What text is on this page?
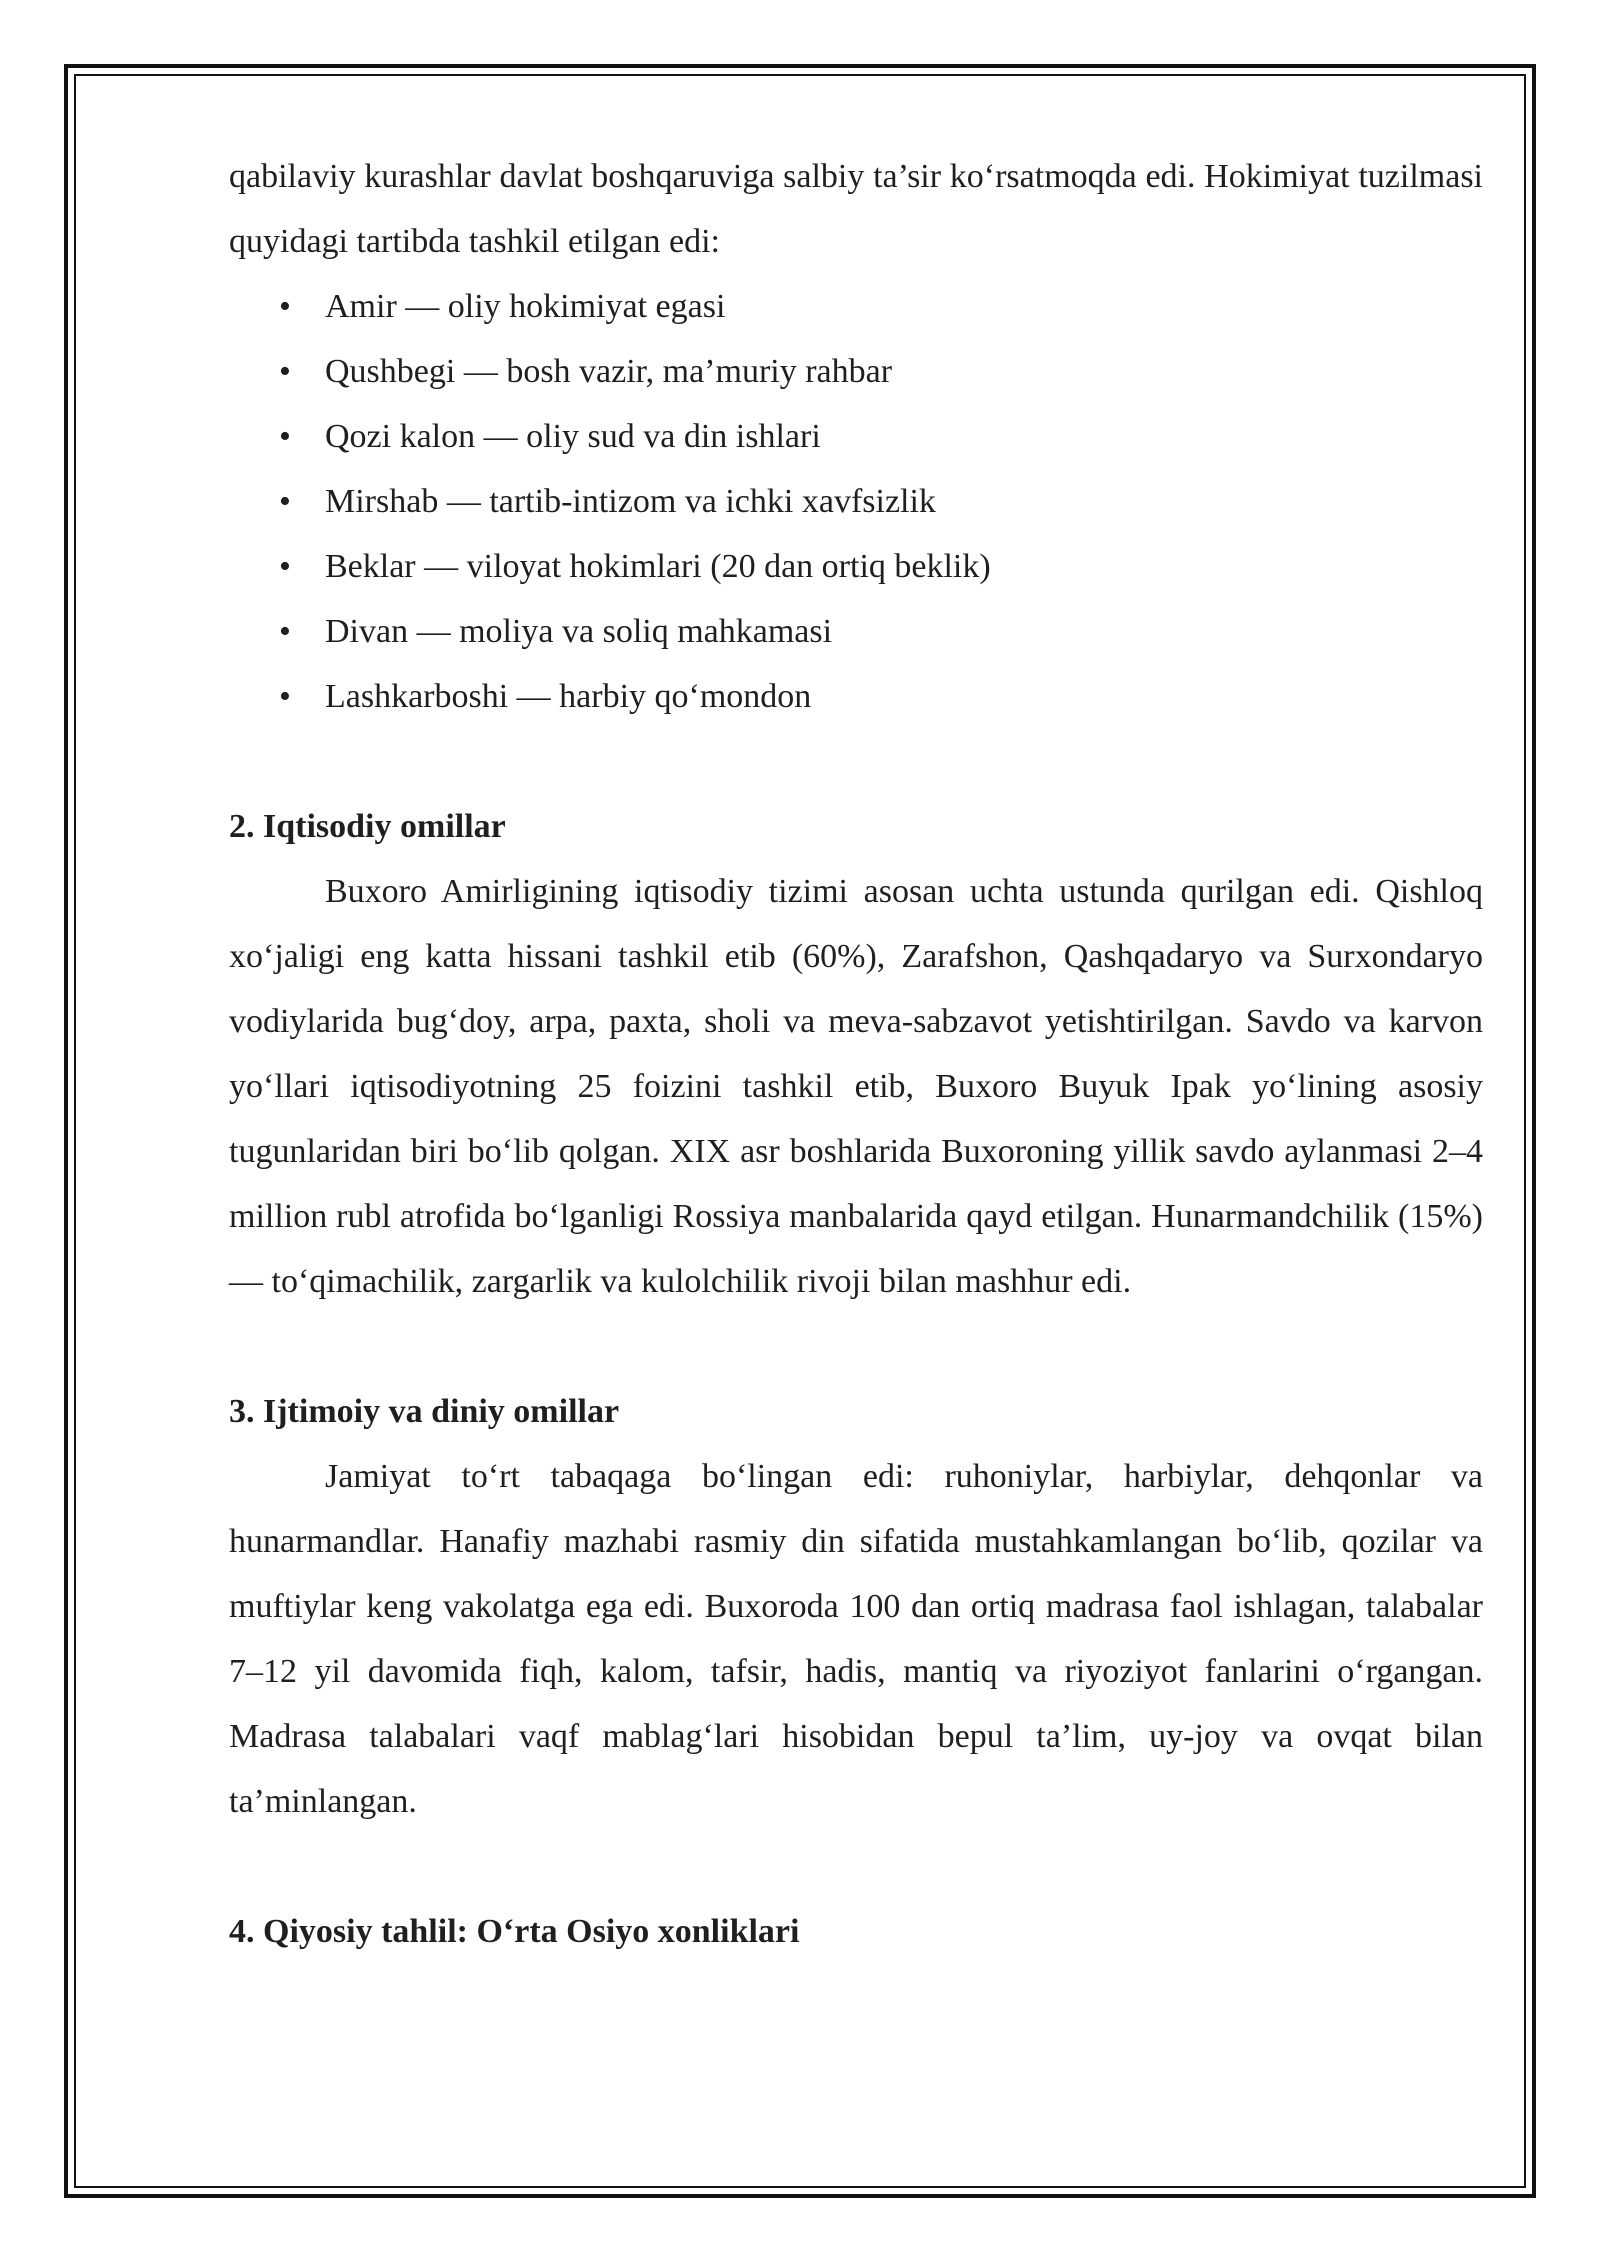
qabilaviy kurashlar davlat boshqaruviga salbiy ta’sir koʻrsatmoqda edi. Hokimiyat tuzilmasi quyidagi tartibda tashkil etilgan edi:

• Amir — oliy hokimiyat egasi
• Qushbegi — bosh vazir, ma’muriy rahbar
• Qozi kalon — oliy sud va din ishlari
• Mirshab — tartib-intizom va ichki xavfsizlik
• Beklar — viloyat hokimlari (20 dan ortiq beklik)
• Divan — moliya va soliq mahkamasi
• Lashkarboshi — harbiy qoʻmondon
2. Iqtisodiy omillar

Buxoro Amirligining iqtisodiy tizimi asosan uchta ustunda qurilgan edi. Qishloq xoʻjaligi eng katta hissani tashkil etib (60%), Zarafshon, Qashqadaryo va Surxondaryo vodiylarida bugʻdoy, arpa, paxta, sholi va meva-sabzavot yetishtirilgan. Savdo va karvon yoʻllari iqtisodiyotning 25 foizini tashkil etib, Buxoro Buyuk Ipak yoʻlining asosiy tugunlaridan biri boʻlib qolgan. XIX asr boshlarida Buxoroning yillik savdo aylanmasi 2–4 million rubl atrofida boʻlganligi Rossiya manbalarida qayd etilgan. Hunarmandchilik (15%) — toʻqimachilik, zargarlik va kulolchilik rivoji bilan mashhur edi.

3. Ijtimoiy va diniy omillar

Jamiyat toʻrt tabaqaga boʻlingan edi: ruhoniylar, harbiylar, dehqonlar va hunarmandlar. Hanafiy mazhabi rasmiy din sifatida mustahkamlangan boʻlib, qozilar va muftiylar keng vakolatga ega edi. Buxoroda 100 dan ortiq madrasa faol ishlagan, talabalar 7–12 yil davomida fiqh, kalom, tafsir, hadis, mantiq va riyoziyot fanlarini oʻrgangan. Madrasa talabalari vaqf mablagʻlari hisobidan bepul ta’lim, uy-joy va ovqat bilan ta’minlangan.

4. Qiyosiy tahlil: Oʻrta Osiyo xonliklari
